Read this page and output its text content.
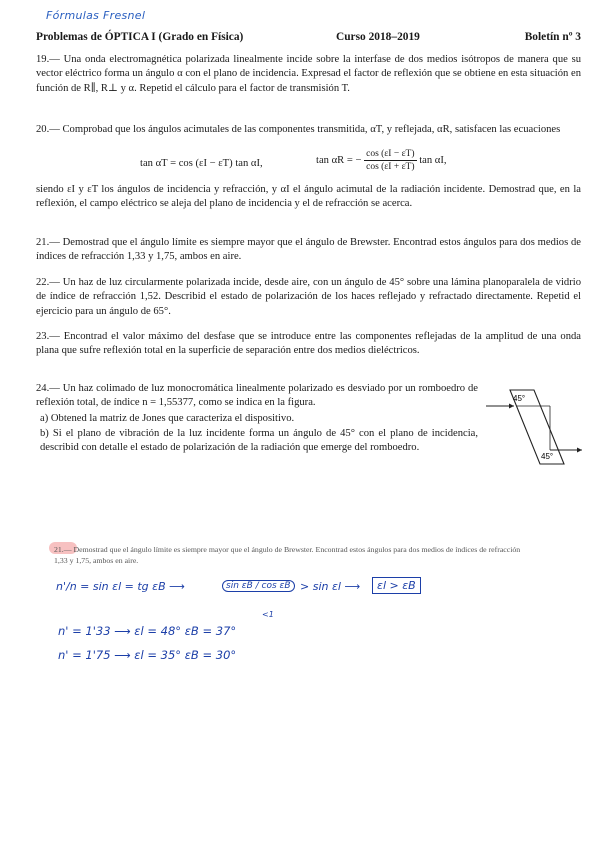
Fórmulas Fresnel
Problemas de ÓPTICA I (Grado en Física)	Curso 2018–2019	Boletín nº 3
19.— Una onda electromagnética polarizada linealmente incide sobre la interfase de dos medios isótropos de manera que su vector eléctrico forma un ángulo α con el plano de incidencia. Expresad el factor de reflexión que se obtiene en esta situación en función de R∥, R⊥ y α. Repetid el cálculo para el factor de transmisión T.
20.— Comprobad que los ángulos acimutales de las componentes transmitida, αT, y reflejada, αR, satisfacen las ecuaciones
tan αT = cos (εI − εT) tan αI,	tan αR = − $\frac{\cos (\varepsilon I - \varepsilon T)}{\cos (\varepsilon I + \varepsilon T)}$ tan αI,
siendo εI y εT los ángulos de incidencia y refracción, y αI el ángulo acimutal de la radiación incidente. Demostrad que, en la reflexión, el campo eléctrico se aleja del plano de incidencia y el de refracción se acerca.
21.— Demostrad que el ángulo límite es siempre mayor que el ángulo de Brewster. Encontrad estos ángulos para dos medios de índices de refracción 1,33 y 1,75, ambos en aire.
22.— Un haz de luz circularmente polarizada incide, desde aire, con un ángulo de 45° sobre una lámina planoparalela de vidrio de índice de refracción 1,52. Describid el estado de polarización de los haces reflejado y refractado directamente. Repetid el ejercicio para un ángulo de 65°.
23.— Encontrad el valor máximo del desfase que se introduce entre las componentes reflejadas de la amplitud de una onda plana que sufre reflexión total en la superficie de separación entre dos medios dieléctricos.
24.— Un haz colimado de luz monocromática linealmente polarizado es desviado por un romboedro de reflexión total, de índice n = 1,55377, como se indica en la figura.
a) Obtened la matriz de Jones que caracteriza el dispositivo.
b) Si el plano de vibración de la luz incidente forma un ángulo de 45° con el plano de incidencia, describid con detalle el estado de polarización de la radiación que emerge del romboedro.
45°
45°
21.— Demostrad que el ángulo límite es siempre mayor que el ángulo de Brewster. Encontrad estos ángulos para dos medios de índices de refracción 1,33 y 1,75, ambos en aire.
n'/n = sin εl = tg εB ⟶	sin εB / cos εB > sin εl ⟶	εl > εB
<1
n' = 1'33 ⟶ εl = 48° εB = 37°
n' = 1'75 ⟶ εl = 35° εB = 30°
